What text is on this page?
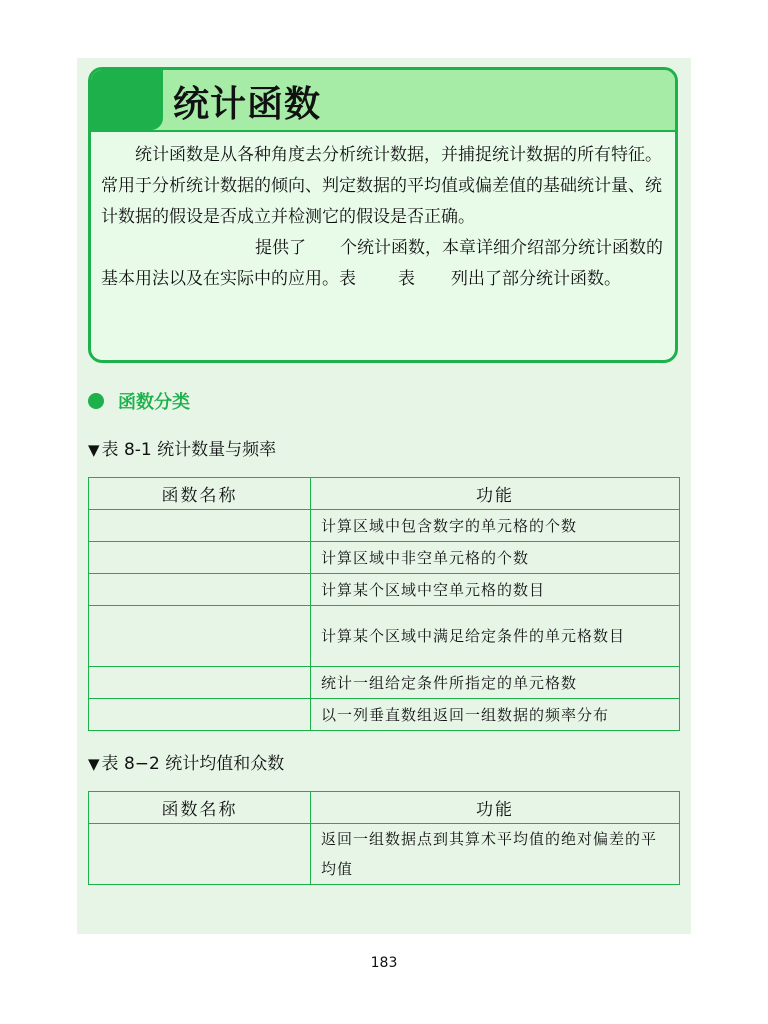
统计函数

统计函数是从各种角度去分析统计数据，并捕捉统计数据的所有特征。常用于分析统计数据的倾向、判定数据的平均值或偏差值的基础统计量、统计数据的假设是否成立并检测它的假设是否正确。

提供了 个统计函数，本章详细介绍部分统计函数的基本用法以及在实际中的应用。表 表 列出了部分统计函数。

函数分类
▼ 表 8-1 统计数量与频率
函数名称	功能
	计算区域中包含数字的单元格的个数
	计算区域中非空单元格的个数
	计算某个区域中空单元格的数目
	计算某个区域中满足给定条件的单元格数目
	统计一组给定条件所指定的单元格数
	以一列垂直数组返回一组数据的频率分布
▼ 表 8−2 统计均值和众数
函数名称	功能
	返回一组数据点到其算术平均值的绝对偏差的平均值
183
